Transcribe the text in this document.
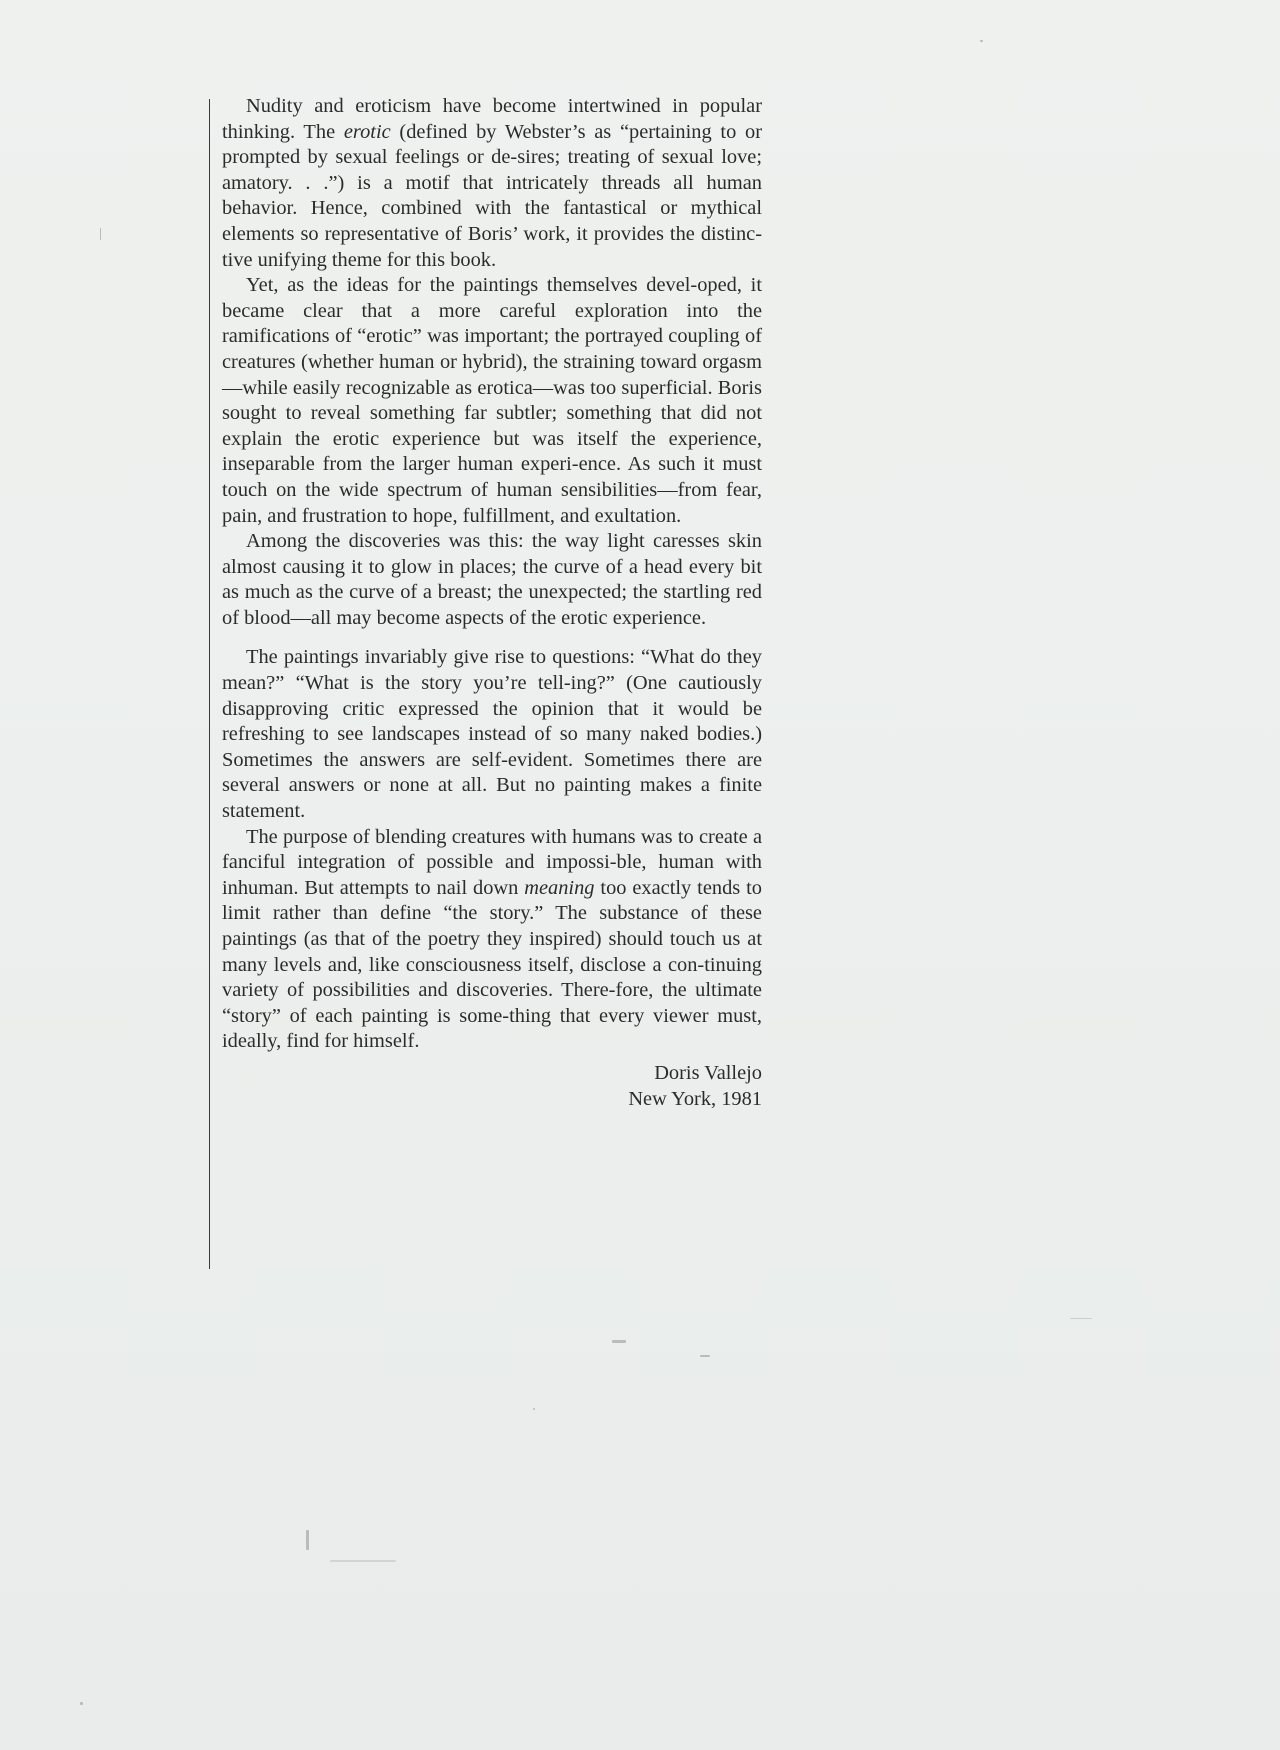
Nudity and eroticism have become intertwined in popular thinking. The erotic (defined by Webster’s as “pertaining to or prompted by sexual feelings or de-sires; treating of sexual love; amatory. . .”) is a motif that intricately threads all human behavior. Hence, combined with the fantastical or mythical elements so representative of Boris’ work, it provides the distinc-tive unifying theme for this book.

Yet, as the ideas for the paintings themselves devel-oped, it became clear that a more careful exploration into the ramifications of “erotic” was important; the portrayed coupling of creatures (whether human or hybrid), the straining toward orgasm—while easily recognizable as erotica—was too superficial. Boris sought to reveal something far subtler; something that did not explain the erotic experience but was itself the experience, inseparable from the larger human experi-ence. As such it must touch on the wide spectrum of human sensibilities—from fear, pain, and frustration to hope, fulfillment, and exultation.

Among the discoveries was this: the way light caresses skin almost causing it to glow in places; the curve of a head every bit as much as the curve of a breast; the unexpected; the startling red of blood—all may become aspects of the erotic experience.

The paintings invariably give rise to questions: “What do they mean?” “What is the story you’re tell-ing?” (One cautiously disapproving critic expressed the opinion that it would be refreshing to see landscapes instead of so many naked bodies.) Sometimes the answers are self-evident. Sometimes there are several answers or none at all. But no painting makes a finite statement.

The purpose of blending creatures with humans was to create a fanciful integration of possible and impossi-ble, human with inhuman. But attempts to nail down meaning too exactly tends to limit rather than define “the story.” The substance of these paintings (as that of the poetry they inspired) should touch us at many levels and, like consciousness itself, disclose a con-tinuing variety of possibilities and discoveries. There-fore, the ultimate “story” of each painting is some-thing that every viewer must, ideally, find for himself.

Doris Vallejo
New York, 1981
